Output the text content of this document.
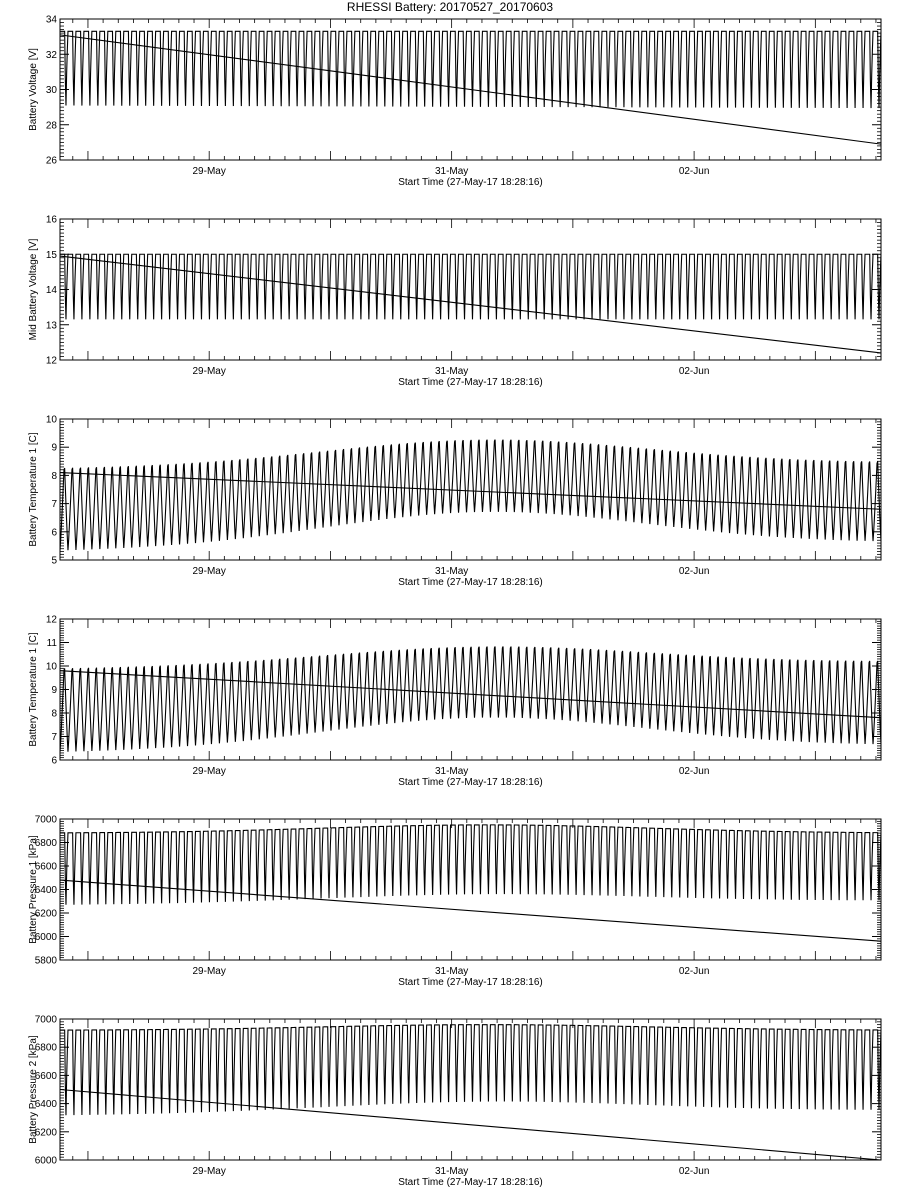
RHESSI Battery: 20170527_20170603
26
28
30
32
34
29-May	31-May	02-Jun
Start Time (27-May-17 18:28:16)
Battery Voltage [V]
12
13
14
15
16
29-May	31-May	02-Jun
Start Time (27-May-17 18:28:16)
Mid Battery Voltage [V]
5
6
7
8
9
10
29-May	31-May	02-Jun
Start Time (27-May-17 18:28:16)
Battery Temperature 1 [C]
6
7
8
9
10
11
12
29-May	31-May	02-Jun
Start Time (27-May-17 18:28:16)
Battery Temperature 1 [C]
5800
6000
6200
6400
6600
6800
7000
29-May	31-May	02-Jun
Start Time (27-May-17 18:28:16)
Battery Pressure 1 [kPa]
6000
6200
6400
6600
6800
7000
29-May	31-May	02-Jun
Start Time (27-May-17 18:28:16)
Battery Pressure 2 [kPa]
